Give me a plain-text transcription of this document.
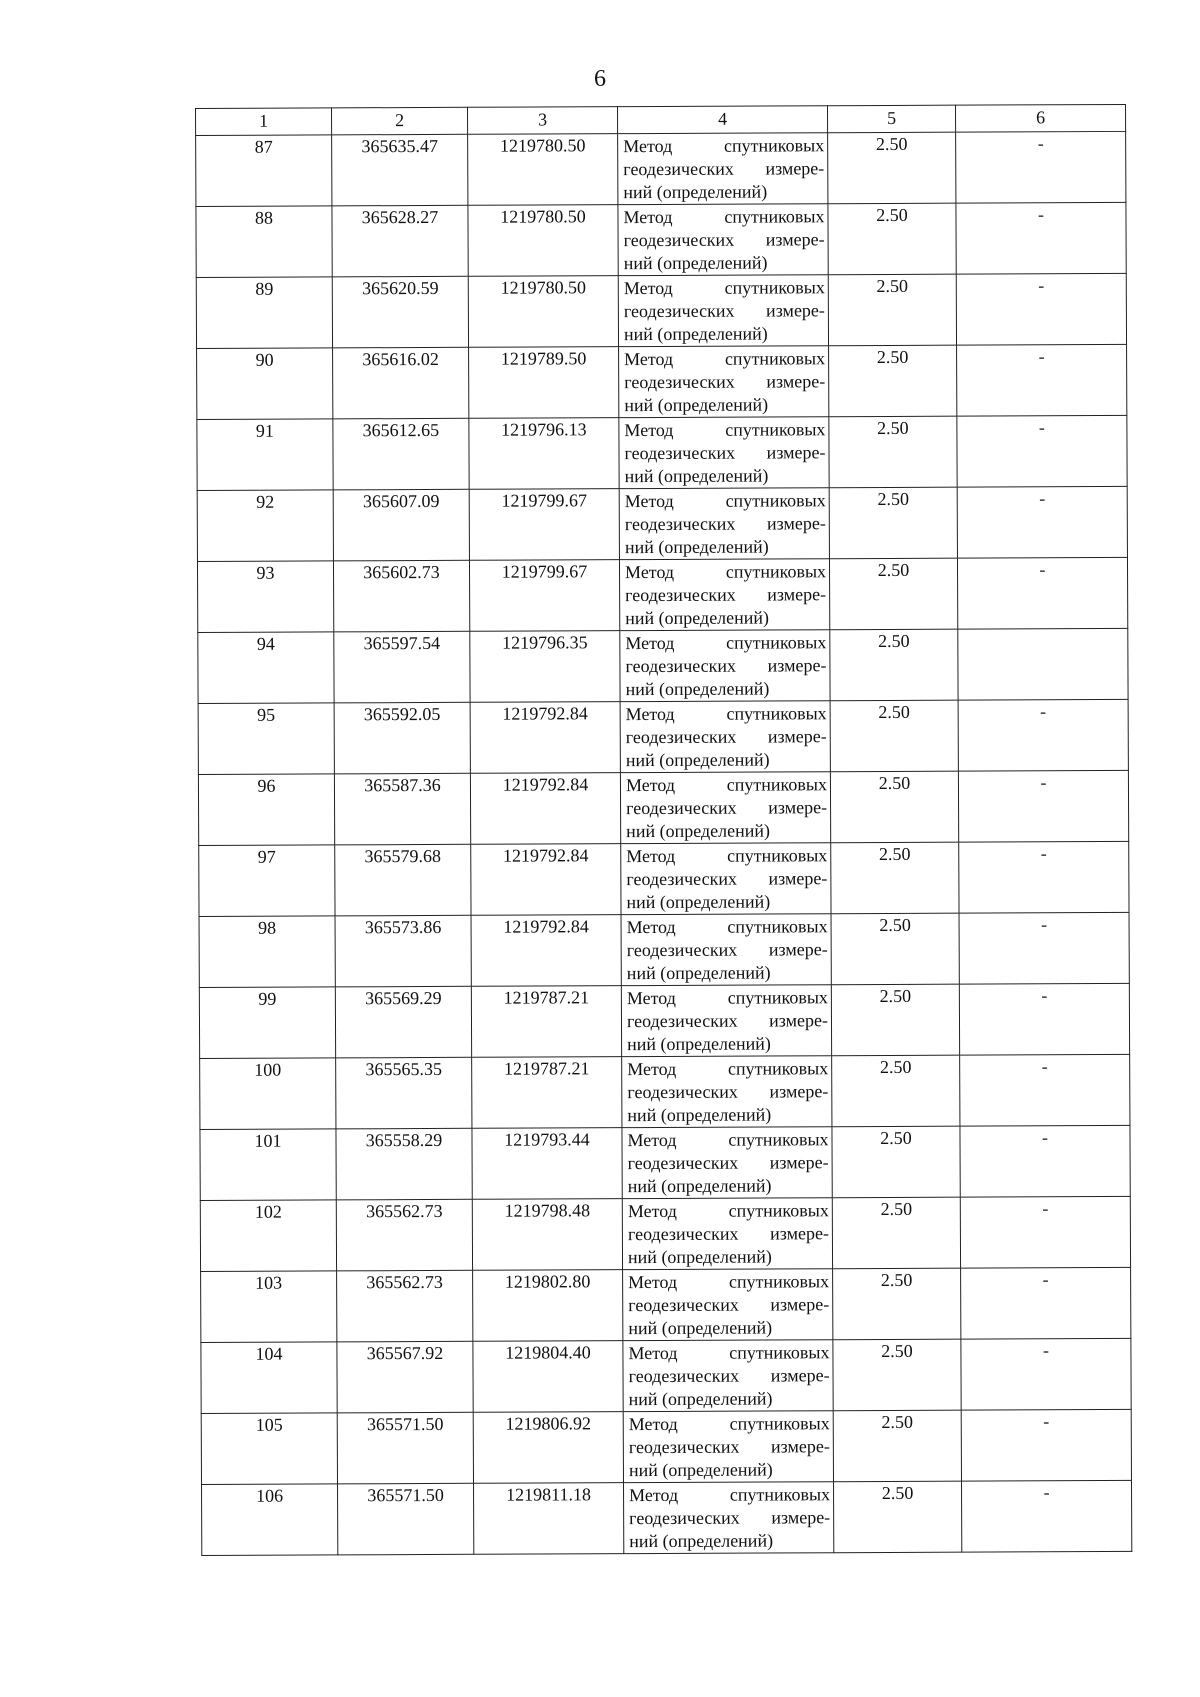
6
1	2	3	4	5	6
87	365635.47	1219780.50	Метод спутниковых геодезических измере-ний (определений)	2.50	-
88	365628.27	1219780.50	Метод спутниковых геодезических измере-ний (определений)	2.50	-
89	365620.59	1219780.50	Метод спутниковых геодезических измере-ний (определений)	2.50	-
90	365616.02	1219789.50	Метод спутниковых геодезических измере-ний (определений)	2.50	-
91	365612.65	1219796.13	Метод спутниковых геодезических измере-ний (определений)	2.50	-
92	365607.09	1219799.67	Метод спутниковых геодезических измере-ний (определений)	2.50	-
93	365602.73	1219799.67	Метод спутниковых геодезических измере-ний (определений)	2.50	-
94	365597.54	1219796.35	Метод спутниковых геодезических измере-ний (определений)	2.50	
95	365592.05	1219792.84	Метод спутниковых геодезических измере-ний (определений)	2.50	-
96	365587.36	1219792.84	Метод спутниковых геодезических измере-ний (определений)	2.50	-
97	365579.68	1219792.84	Метод спутниковых геодезических измере-ний (определений)	2.50	-
98	365573.86	1219792.84	Метод спутниковых геодезических измере-ний (определений)	2.50	-
99	365569.29	1219787.21	Метод спутниковых геодезических измере-ний (определений)	2.50	-
100	365565.35	1219787.21	Метод спутниковых геодезических измере-ний (определений)	2.50	-
101	365558.29	1219793.44	Метод спутниковых геодезических измере-ний (определений)	2.50	-
102	365562.73	1219798.48	Метод спутниковых геодезических измере-ний (определений)	2.50	-
103	365562.73	1219802.80	Метод спутниковых геодезических измере-ний (определений)	2.50	-
104	365567.92	1219804.40	Метод спутниковых геодезических измере-ний (определений)	2.50	-
105	365571.50	1219806.92	Метод спутниковых геодезических измере-ний (определений)	2.50	-
106	365571.50	1219811.18	Метод спутниковых геодезических измере-ний (определений)	2.50	-
